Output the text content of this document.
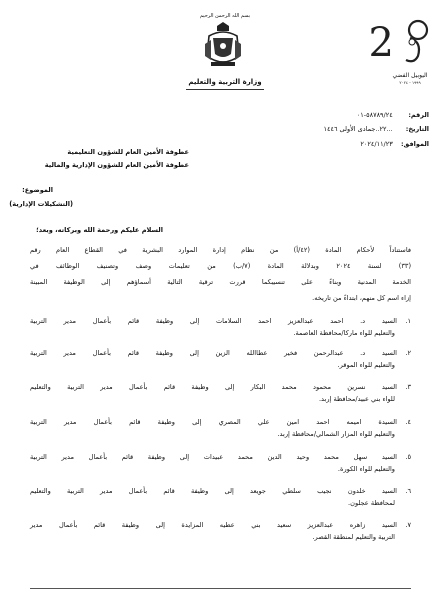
2
اليوبيل الفضي
١٩٩٩ - ٢٠٢٤
بسم الله الرحمن الرحيم
وزارة التربية والتعليم
الرقم: ٥٨٧٨٩/٢٤-٠١
التاريخ: ...٢٢..جمادى الأولى ١٤٤٦
الموافق: ٢٠٢٤/١١/٢٣
عطوفة الأمين العام للشؤون التعليمية
عطوفة الأمين العام للشؤون الإدارية والمالية
الموضوع:
(التشكيلات الإدارية)
السلام عليكم ورحمة الله وبركاته، وبعد؛
فاستناداً لأحكام المادة (٤٢/أ) من نظام إدارة الموارد البشرية في القطاع العام رقم
(٣٣) لسنة ٢٠٢٤ وبدلالة المادة (٧/ب) من تعليمات وصف وتصنيف الوظائف في
الخدمة المدنية وبناءً على تنسيبكما قررت ترقية التالية أسماؤهم إلى الوظيفة المبينة
إزاء اسم كل منهم، ابتداءً من تاريخه.
١.السيد د. احمد عبدالعزيز احمد السلامات إلى وظيفة قائم بأعمال مدير التربية
والتعليم للواء ماركا/محافظة العاصمة.
٢.السيد د. عبدالرحمن فخير عطاالله الزين إلى وظيفة قائم بأعمال مدير التربية
والتعليم للواء الموقر.
٣.السيد نسرين محمود محمد البكار إلى وظيفة قائم بأعمال مدير التربية والتعليم
للواء بني عبيد/محافظة إربد.
٤.السيدة اميمه احمد امين علي المصري إلى وظيفة قائم بأعمال مدير التربية
والتعليم للواء المزار الشمالي/محافظة إربد.
٥.السيد سهل محمد وحيد الدين محمد عبيدات إلى وظيفة قائم بأعمال مدير التربية
والتعليم للواء الكورة.
٦.السيد خلدون نجيب سلطي جويعد إلى وظيفة قائم بأعمال مدير التربية والتعليم
لمحافظة عجلون.
٧.السيد زاهره عبدالعزيز سعيد بني عطيه المزايدة إلى وظيفة قائم بأعمال مدير
التربية والتعليم لمنطقة القصر.
